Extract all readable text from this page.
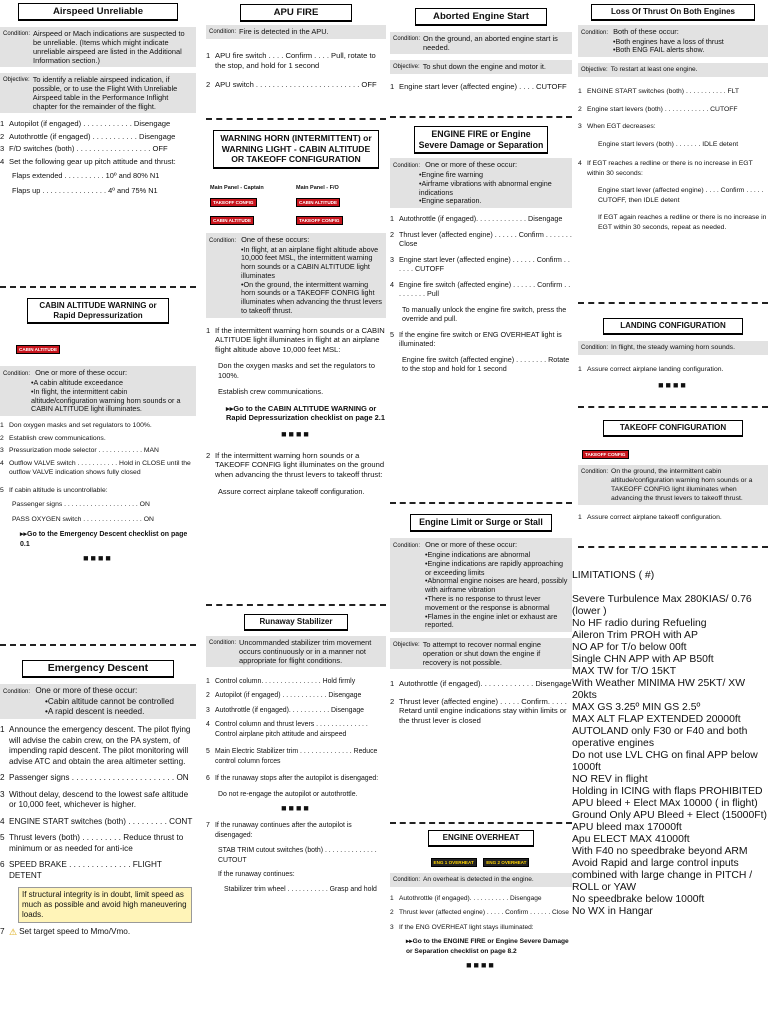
Airspeed Unreliable
Condition: Airspeed or Mach indications are suspected to be unreliable. (Items which might indicate unreliable airspeed are listed in the Additional Information section.)
Objective: To identify a reliable airspeed indication, if possible, or to use the Flight With Unreliable Airspeed table in the Performance Inflight chapter for the remainder of the flight.
1 Autopilot (if engaged) . . . . . . . . . . . . Disengage
2 Autothrottle (if engaged) . . . . . . . . . . . Disengage
3 F/D switches (both) . . . . . . . . . . . . . . . . . . OFF
4 Set the following gear up pitch attitude and thrust:
Flaps extended . . . . . . . . . . 10º and 80% N1
Flaps up . . . . . . . . . . . . . . . . 4º and 75% N1
CABIN ALTITUDE WARNING or Rapid Depressurization
CABIN ALTITUDE
Condition: One or more of these occur:
•A cabin altitude exceedance
•In flight, the intermittent cabin altitude/configuration warning horn sounds or a CABIN ALTITUDE light illuminates.
1 Don oxygen masks and set regulators to 100%.
2 Establish crew communications.
3 Pressurization mode selector . . . . . . . . . . . . MAN
4 Outflow VALVE switch . . . . . . . . . . . Hold in CLOSE until the outflow VALVE indication shows fully closed
5 If cabin altitude is uncontrollable:
Passenger signs . . . . . . . . . . . . . . . . . . . . ON
PASS OXYGEN switch . . . . . . . . . . . . . . . . ON
▸▸Go to the Emergency Descent checklist on page 0.1
■■■■
Emergency Descent
Condition: One or more of these occur:
•Cabin altitude cannot be controlled
•A rapid descent is needed.
1 Announce the emergency descent. The pilot flying will advise the cabin crew, on the PA system, of impending rapid descent. The pilot monitoring will advise ATC and obtain the area altimeter setting.
2 Passenger signs . . . . . . . . . . . . . . . . . . . . . . . ON
3 Without delay, descend to the lowest safe altitude or 10,000 feet, whichever is higher.
4 ENGINE START switches (both) . . . . . . . . . CONT
5 Thrust levers (both) . . . . . . . . . Reduce thrust to minimum or as needed for anti-ice
6 SPEED BRAKE . . . . . . . . . . . . . . FLIGHT DETENT
If structural integrity is in doubt, limit speed as much as possible and avoid high maneuvering loads.
7 ⚠ Set target speed to Mmo/Vmo.
APU FIRE
Condition: Fire is detected in the APU.
1 APU fire switch . . . . Confirm . . . . Pull, rotate to the stop, and hold for 1 second
2 APU switch . . . . . . . . . . . . . . . . . . . . . . . . . OFF
WARNING HORN (INTERMITTENT) or WARNING LIGHT - CABIN ALTITUDE OR TAKEOFF CONFIGURATION
Main Panel - Captain
TAKEOFF CONFIGCABIN ALTITUDE
Main Panel - F/O
CABIN ALTITUDETAKEOFF CONFIG
Condition: One of these occurs:
•In flight, at an airplane flight altitude above 10,000 feet MSL, the intermittent warning horn sounds or a CABIN ALTITUDE light illuminates
•On the ground, the intermittent warning horn sounds or a TAKEOFF CONFIG light illuminates when advancing the thrust levers to takeoff thrust.
1 If the intermittent warning horn sounds or a CABIN ALTITUDE light illuminates in flight at an airplane flight altitude above 10,000 feet MSL:
Don the oxygen masks and set the regulators to 100%.
Establish crew communications.
▸▸Go to the CABIN ALTITUDE WARNING or Rapid Depressurization checklist on page 2.1
■■■■
2 If the intermittent warning horn sounds or a TAKEOFF CONFIG light illuminates on the ground when advancing the thrust levers to takeoff thrust:
Assure correct airplane takeoff configuration.
Runaway Stabilizer
Condition: Uncommanded stabilizer trim movement occurs continuously or in a manner not appropriate for flight conditions.
1 Control column. . . . . . . . . . . . . . . . Hold firmly
2 Autopilot (if engaged) . . . . . . . . . . . . Disengage
3 Autothrottle (if engaged). . . . . . . . . . . Disengage
4 Control column and thrust levers . . . . . . . . . . . . . . Control airplane pitch attitude and airspeed
5 Main Electric Stabilizer trim . . . . . . . . . . . . . . Reduce control column forces
6 If the runaway stops after the autopilot is disengaged:
Do not re-engage the autopilot or autothrottle.
■■■■
7 If the runaway continues after the autopilot is disengaged:
STAB TRIM cutout switches (both) . . . . . . . . . . . . . . CUTOUT
If the runaway continues:
Stabilizer trim wheel . . . . . . . . . . . Grasp and hold
Aborted Engine Start
Condition: On the ground, an aborted engine start is needed.
Objective: To shut down the engine and motor it.
1 Engine start lever (affected engine) . . . . CUTOFF
ENGINE FIRE or Engine Severe Damage or Separation
Condition: One or more of these occur:
•Engine fire warning
•Airframe vibrations with abnormal engine indications
•Engine separation.
1 Autothrottle (if engaged). . . . . . . . . . . . . Disengage
2 Thrust lever (affected engine) . . . . . . Confirm . . . . . . . Close
3 Engine start lever (affected engine) . . . . . . Confirm . . . . . . CUTOFF
4 Engine fire switch (affected engine) . . . . . . Confirm . . . . . . . . . Pull
To manually unlock the engine fire switch, press the override and pull.
5 If the engine fire switch or ENG OVERHEAT light is illuminated:
Engine fire switch (affected engine) . . . . . . . . Rotate to the stop and hold for 1 second
Engine Limit or Surge or Stall
Condition: One or more of these occur:
•Engine indications are abnormal
•Engine indications are rapidly approaching or exceeding limits
•Abnormal engine noises are heard, possibly with airframe vibration
•There is no response to thrust lever movement or the response is abnormal
•Flames in the engine inlet or exhaust are reported.
Objective: To attempt to recover normal engine operation or shut down the engine if recovery is not possible.
1 Autothrottle (if engaged). . . . . . . . . . . . . Disengage
2 Thrust lever (affected engine) . . . . . Confirm. . . . . Retard until engine indications stay within limits or the thrust lever is closed
ENGINE OVERHEAT
ENG 1 OVERHEAT	ENG 2 OVERHEAT
Condition: An overheat is detected in the engine.
1 Autothrottle (if engaged). . . . . . . . . . . Disengage
2 Thrust lever (affected engine) . . . . . Confirm . . . . . . Close
3 If the ENG OVERHEAT light stays illuminated:
▸▸Go to the ENGINE FIRE or Engine Severe Damage or Separation checklist on page 8.2
■■■■
Loss Of Thrust On Both Engines
Condition: Both of these occur:
•Both engines have a loss of thrust
•Both ENG FAIL alerts show.
Objective: To restart at least one engine.
1 ENGINE START switches (both) . . . . . . . . . . . FLT
2 Engine start levers (both) . . . . . . . . . . . . CUTOFF
3 When EGT decreases:
Engine start levers (both) . . . . . . . IDLE detent
4 If EGT reaches a redline or there is no increase in EGT within 30 seconds:
Engine start lever (affected engine) . . . . Confirm . . . . . CUTOFF, then IDLE detent
If EGT again reaches a redline or there is no increase in EGT within 30 seconds, repeat as needed.
LANDING CONFIGURATION
Condition: In flight, the steady warning horn sounds.
1 Assure correct airplane landing configuration.
■■■■
TAKEOFF CONFIGURATION
TAKEOFF CONFIG
Condition: On the ground, the intermittent cabin altitude/configuration warning horn sounds or a TAKEOFF CONFIG light illuminates when advancing the thrust levers to takeoff thrust.
1 Assure correct airplane takeoff configuration.
LIMITATIONS ( #)
Severe Turbulence Max 280KIAS/ 0.76 (lower )
No HF radio during Refueling
Aileron Trim PROH with AP
NO AP for T/o below 00ft
Single CHN APP with AP B50ft
MAX TW for T/O 15KT
With Weather MINIMA HW 25KT/ XW 20kts
MAX GS 3.25º MIN GS 2.5º
MAX ALT FLAP EXTENDED 20000ft
AUTOLAND only F30 or F40 and both operative engines
Do not use LVL CHG on final APP below 1000ft
NO REV in flight
Holding in ICING with flaps PROHIBITED
APU bleed + Elect MAx 10000 ( in flight)
Ground Only APU Bleed + Elect (15000Ft)
APU bleed max 17000ft
Apu ELECT MAX 41000ft
With F40 no speedbrake beyond ARM
Avoid Rapid and large control inputs combined with large change in PITCH / ROLL or YAW
No speedbrake below 1000ft
No WX in Hangar
